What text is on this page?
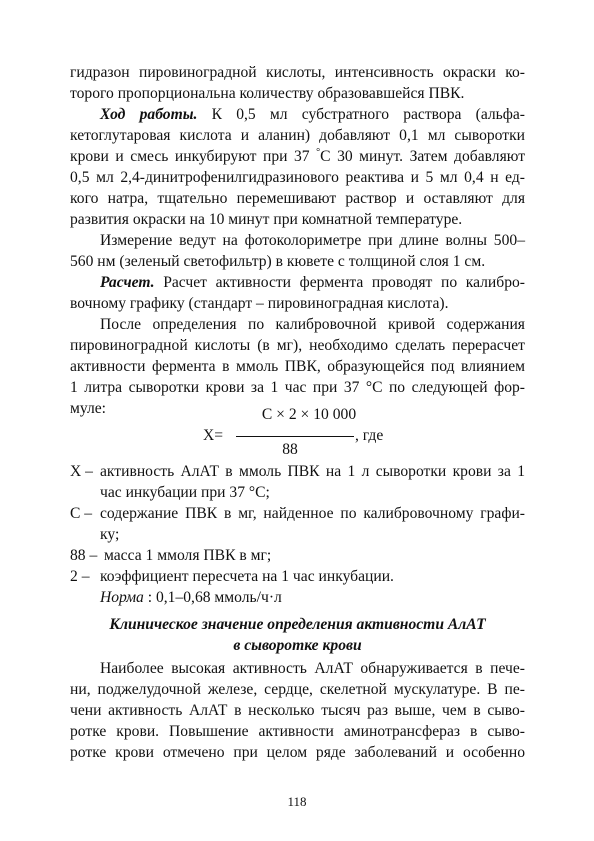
гидразон пировиноградной кислоты, интенсивность окраски ко-
торого пропорциональна количеству образовавшейся ПВК.
Ход работы. К 0,5 мл субстратного раствора (альфа-
кетоглутаровая кислота и аланин) добавляют 0,1 мл сыворотки
крови и смесь инкубируют при 37 °С 30 минут. Затем добавляют
0,5 мл 2,4-динитрофенилгидразинового реактива и 5 мл 0,4 н ед-
кого натра, тщательно перемешивают раствор и оставляют для
развития окраски на 10 минут при комнатной температуре.
Измерение ведут на фотоколориметре при длине волны 500–
560 нм (зеленый светофильтр) в кювете с толщиной слоя 1 см.
Расчет. Расчет активности фермента проводят по калибро-
вочному графику (стандарт – пировиноградная кислота).
После определения по калибровочной кривой содержания
пировиноградной кислоты (в мг), необходимо сделать перерасчет
активности фермента в ммоль ПВК, образующейся под влиянием
1 литра сыворотки крови за 1 час при 37 °С по следующей фор-
муле:	С × 2 × 10 000
Х=	, где
88
Х – активность АлАТ в ммоль ПВК на 1 л сыворотки крови за 1
час инкубации при 37 °С;
С – содержание ПВК в мг, найденное по калибровочному графи-
ку;
88 – масса 1 ммоля ПВК в мг;
2 – коэффициент пересчета на 1 час инкубации.
Норма : 0,1–0,68 ммоль/ч·л
Клиническое значение определения активности АлАТ
в сыворотке крови
Наиболее высокая активность АлАТ обнаруживается в пече-
ни, поджелудочной железе, сердце, скелетной мускулатуре. В пе-
чени активность АлАТ в несколько тысяч раз выше, чем в сыво-
ротке крови. Повышение активности аминотрансфераз в сыво-
ротке крови отмечено при целом ряде заболеваний и особенно
118
